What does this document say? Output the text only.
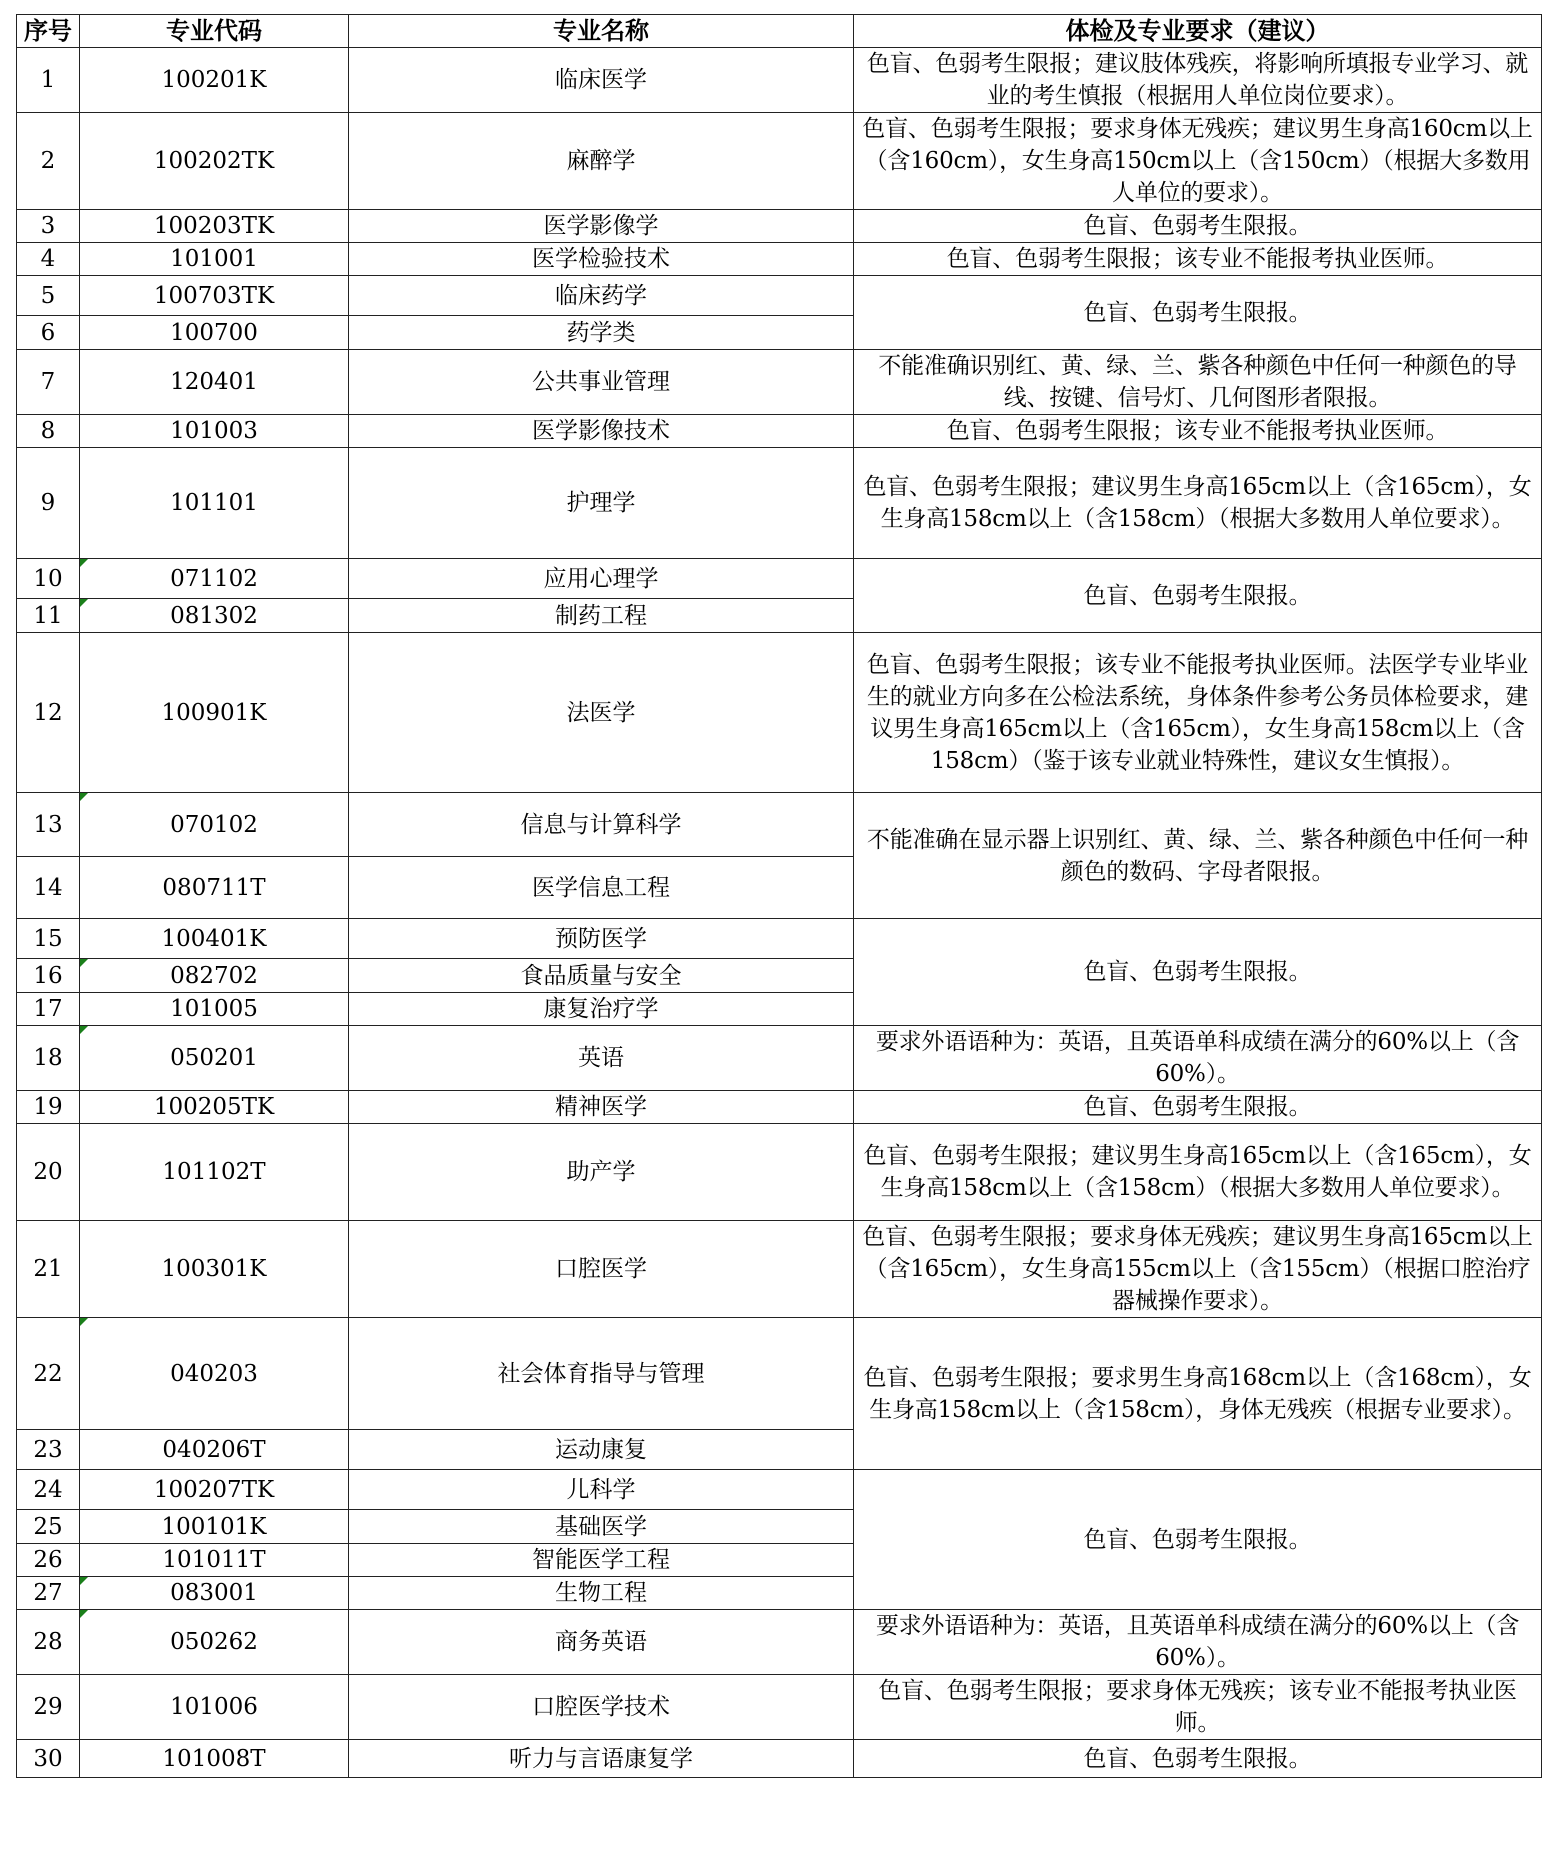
序号	专业代码	专业名称	体检及专业要求（建议）
1	100201K	临床医学	色盲、色弱考生限报；建议肢体残疾，将影响所填报专业学习、就业的考生慎报（根据用人单位岗位要求）。
2	100202TK	麻醉学	色盲、色弱考生限报；要求身体无残疾；建议男生身高160cm以上（含160cm），女生身高150cm以上（含150cm）（根据大多数用人单位的要求）。
3	100203TK	医学影像学	色盲、色弱考生限报。
4	101001	医学检验技术	色盲、色弱考生限报；该专业不能报考执业医师。
5	100703TK	临床药学	色盲、色弱考生限报。
6	100700	药学类	
7	120401	公共事业管理	不能准确识别红、黄、绿、兰、紫各种颜色中任何一种颜色的导线、按键、信号灯、几何图形者限报。
8	101003	医学影像技术	色盲、色弱考生限报；该专业不能报考执业医师。
9	101101	护理学	色盲、色弱考生限报；建议男生身高165cm以上（含165cm），女生身高158cm以上（含158cm）（根据大多数用人单位要求）。
10	071102	应用心理学	色盲、色弱考生限报。
11	081302	制药工程	
12	100901K	法医学	色盲、色弱考生限报；该专业不能报考执业医师。法医学专业毕业生的就业方向多在公检法系统，身体条件参考公务员体检要求，建议男生身高165cm以上（含165cm），女生身高158cm以上（含158cm）（鉴于该专业就业特殊性，建议女生慎报）。
13	070102	信息与计算科学	不能准确在显示器上识别红、黄、绿、兰、紫各种颜色中任何一种颜色的数码、字母者限报。
14	080711T	医学信息工程	
15	100401K	预防医学	色盲、色弱考生限报。
16	082702	食品质量与安全	
17	101005	康复治疗学	
18	050201	英语	要求外语语种为：英语，且英语单科成绩在满分的60%以上（含60%）。
19	100205TK	精神医学	色盲、色弱考生限报。
20	101102T	助产学	色盲、色弱考生限报；建议男生身高165cm以上（含165cm），女生身高158cm以上（含158cm）（根据大多数用人单位要求）。
21	100301K	口腔医学	色盲、色弱考生限报；要求身体无残疾；建议男生身高165cm以上（含165cm），女生身高155cm以上（含155cm）（根据口腔治疗器械操作要求）。
22	040203	社会体育指导与管理	色盲、色弱考生限报；要求男生身高168cm以上（含168cm），女生身高158cm以上（含158cm），身体无残疾（根据专业要求）。
23	040206T	运动康复	
24	100207TK	儿科学	色盲、色弱考生限报。
25	100101K	基础医学	
26	101011T	智能医学工程	
27	083001	生物工程	
28	050262	商务英语	要求外语语种为：英语，且英语单科成绩在满分的60%以上（含60%）。
29	101006	口腔医学技术	色盲、色弱考生限报；要求身体无残疾；该专业不能报考执业医师。
30	101008T	听力与言语康复学	色盲、色弱考生限报。
